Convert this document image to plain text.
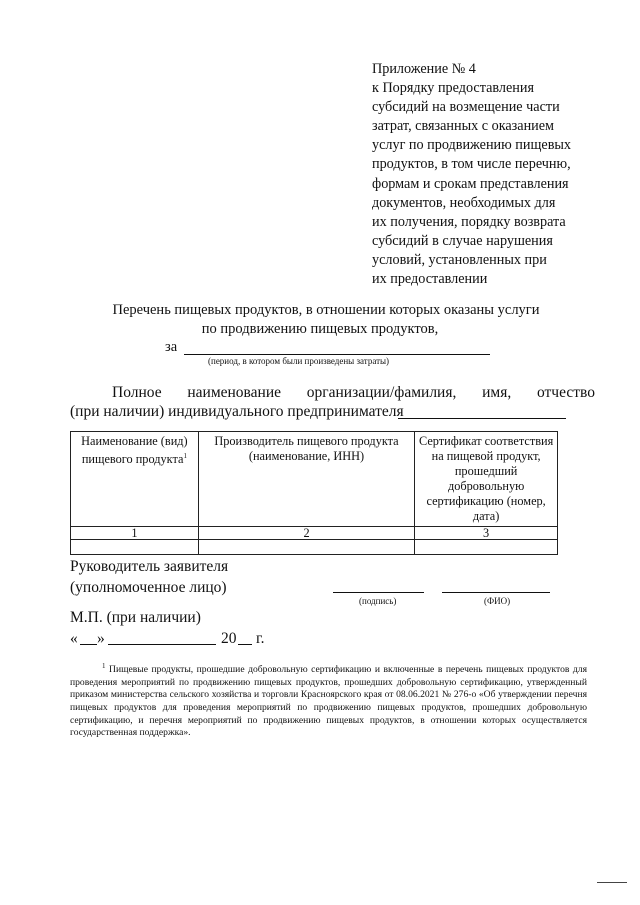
Приложение № 4
к Порядку предоставления
субсидий на возмещение части
затрат, связанных с оказанием
услуг по продвижению пищевых
продуктов, в том числе перечню,
формам и срокам представления
документов, необходимых для
их получения, порядку возврата
субсидий в случае нарушения
условий, установленных при
их предоставлении
Перечень пищевых продуктов, в отношении которых оказаны услуги
по продвижению пищевых продуктов,
за
(период, в котором были произведены затраты)
Полное наименование организации/фамилия, имя, отчество
(при наличии) индивидуального предпринимателя
Наименование (вид) пищевого продукта$^1$	Производитель пищевого продукта (наименование, ИНН)	Сертификат соответствия на пищевой продукт, прошедший добровольную сертификацию (номер, дата)
1	2	3

Руководитель заявителя
(уполномоченное лицо)
(подпись)	(ФИО)
М.П. (при наличии)
« »	20 г.

$^1$ Пищевые продукты, прошедшие добровольную сертификацию и включенные в перечень пищевых продуктов для проведения мероприятий по продвижению пищевых продуктов, прошедших добровольную сертификацию, утвержденный приказом министерства сельского хозяйства и торговли Красноярского края от 08.06.2021 № 276-о «Об утверждении перечня пищевых продуктов для проведения мероприятий по продвижению пищевых продуктов, прошедших добровольную сертификацию, и перечня мероприятий по продвижению пищевых продуктов, в отношении которых осуществляется государственная поддержка».
